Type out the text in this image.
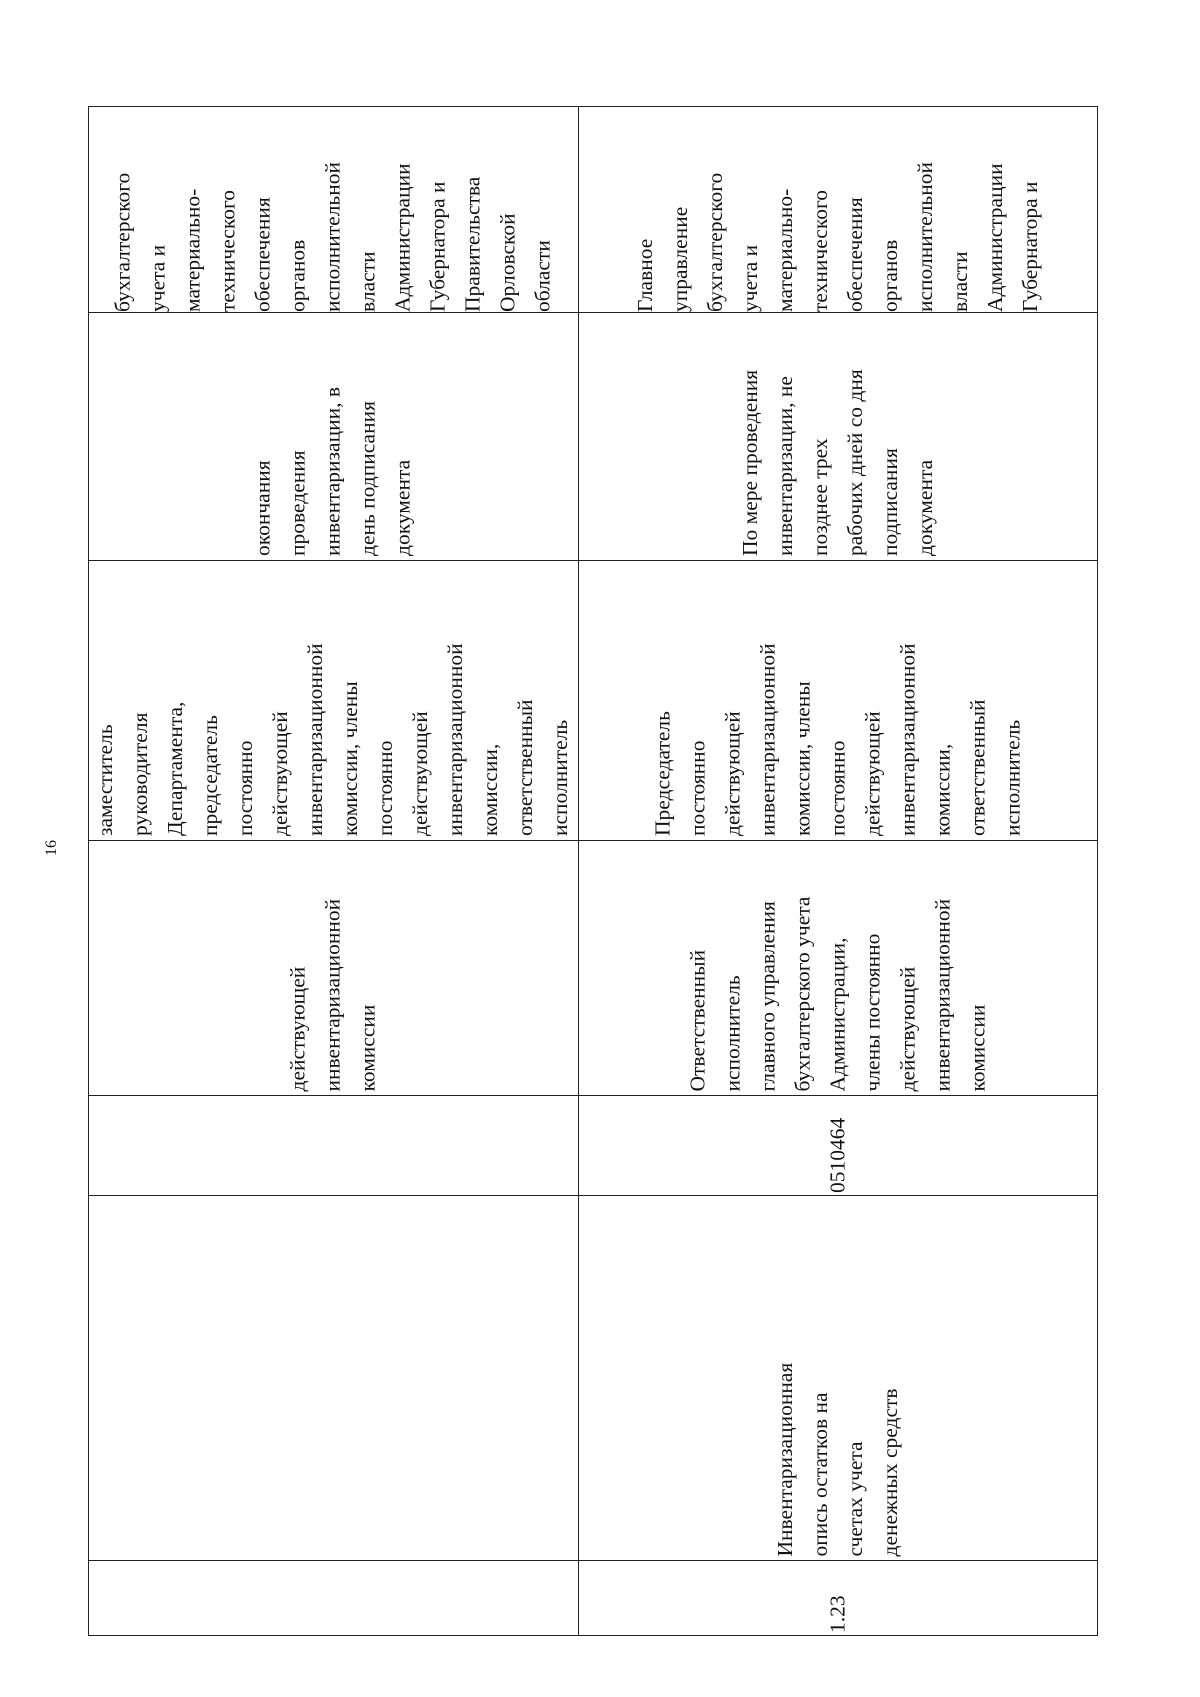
16
бухгалтерского учета и материально- технического обеспечения органов исполнительной власти Администрации Губернатора и Правительства Орловской области
окончания проведения инвентаризации, в день подписания документа
заместитель руководителя Департамента, председатель постоянно действующей инвентаризационной комиссии, члены постоянно действующей инвентаризационной комиссии, ответственный исполнитель
действующей инвентаризационной комиссии
Главное управление бухгалтерского учета и материально- технического обеспечения органов исполнительной власти Администрации Губернатора и
По мере проведения инвентаризации, не позднее трех рабочих дней со дня подписания документа
Председатель постоянно действующей инвентаризационной комиссии, члены постоянно действующей инвентаризационной комиссии, ответственный исполнитель
Ответственный исполнитель главного управления бухгалтерского учета Администрации, члены постоянно действующей инвентаризационной комиссии
0510464
Инвентаризационная опись остатков на счетах учета денежных средств
1.23
